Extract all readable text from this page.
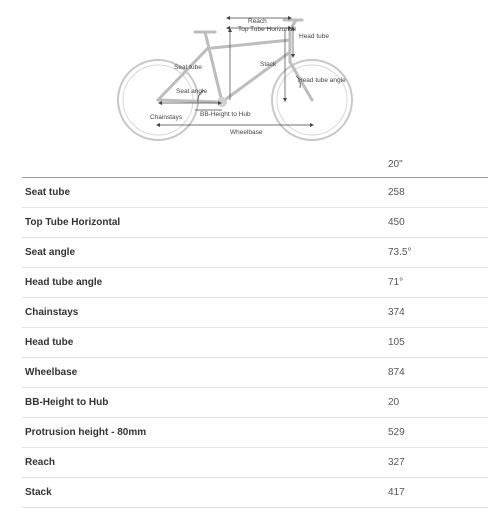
Reach
Top Tube Horizontal
Head tube
Seat tube	Stack
Head tube angle
Seat angle
Chainstays	BB-Height to Hub
Wheelbase
20"
Seat tube	258
Top Tube Horizontal	450
Seat angle	73.5°
Head tube angle	71°
Chainstays	374
Head tube	105
Wheelbase	874
BB-Height to Hub	20
Protrusion height - 80mm	529
Reach	327
Stack	417
